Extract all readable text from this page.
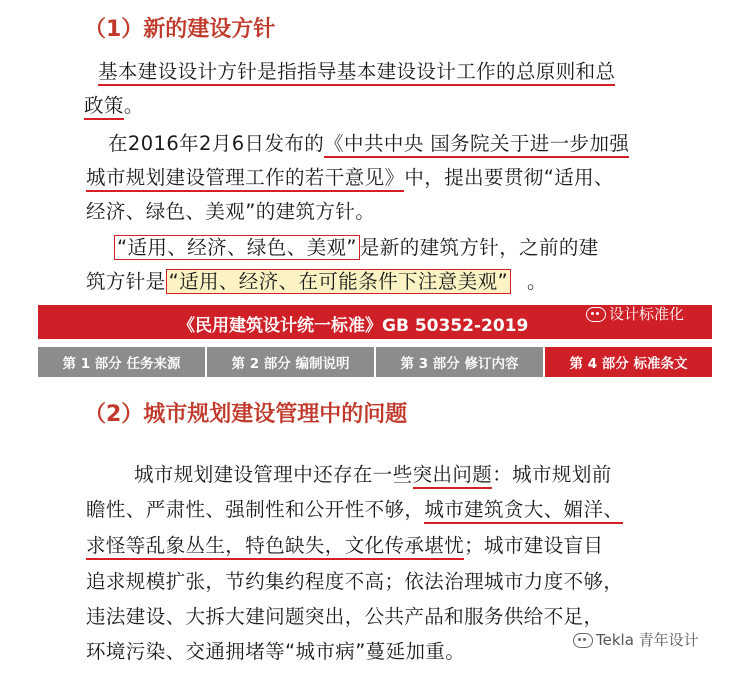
（1）新的建设方针
基本建设设计方针是指指导基本建设设计工作的总原则和总
政策。
在2016年2月6日发布的《中共中央 国务院关于进一步加强
城市规划建设管理工作的若干意见》中，提出要贯彻“适用、
经济、绿色、美观”的建筑方针。
“适用、经济、绿色、美观” 是新的建筑方针，之前的建
筑方针是 “适用、经济、在可能条件下注意美观” 。
《民用建筑设计统一标准》GB 50352-2019
设计标准化
第 1 部分 任务来源	第 2 部分 编制说明	第 3 部分 修订内容	第 4 部分 标准条文
（2）城市规划建设管理中的问题
城市规划建设管理中还存在一些突出问题：城市规划前
瞻性、严肃性、强制性和公开性不够，城市建筑贪大、媚洋、
求怪等乱象丛生，特色缺失，文化传承堪忧；城市建设盲目
追求规模扩张，节约集约程度不高；依法治理城市力度不够，
违法建设、大拆大建问题突出，公共产品和服务供给不足，
环境污染、交通拥堵等“城市病”蔓延加重。	Tekla 青年设计
